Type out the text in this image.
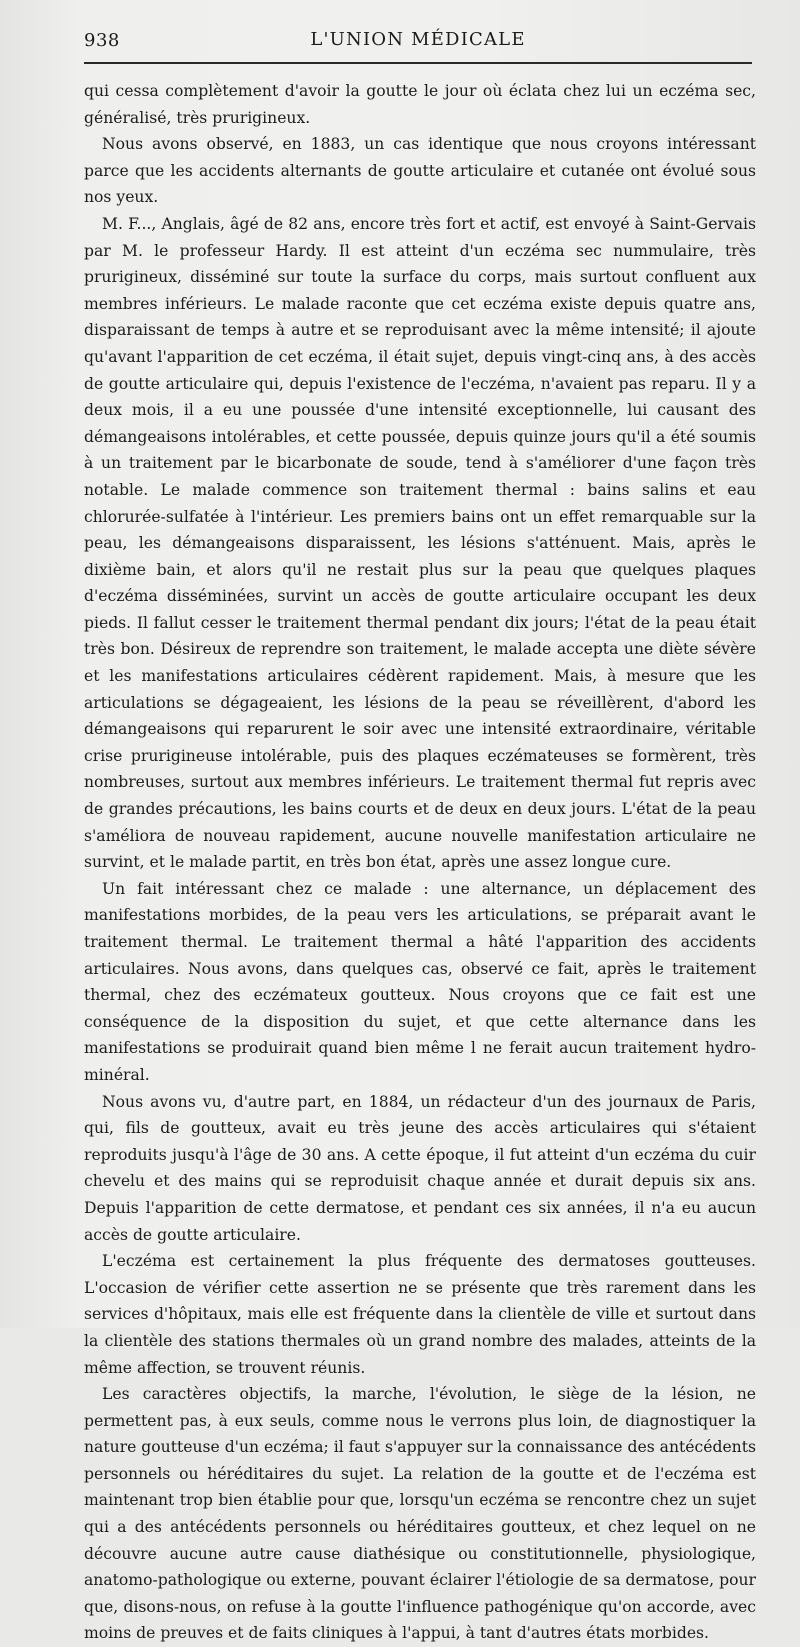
938	L'UNION MÉDICALE

qui cessa complètement d'avoir la goutte le jour où éclata chez lui un eczéma sec, généralisé, très prurigineux.

Nous avons observé, en 1883, un cas identique que nous croyons intéressant parce que les accidents alternants de goutte articulaire et cutanée ont évolué sous nos yeux.

M. F..., Anglais, âgé de 82 ans, encore très fort et actif, est envoyé à Saint-Gervais par M. le professeur Hardy. Il est atteint d'un eczéma sec nummulaire, très prurigineux, disséminé sur toute la surface du corps, mais surtout confluent aux membres inférieurs. Le malade raconte que cet eczéma existe depuis quatre ans, disparaissant de temps à autre et se reproduisant avec la même intensité; il ajoute qu'avant l'apparition de cet eczéma, il était sujet, depuis vingt-cinq ans, à des accès de goutte articulaire qui, depuis l'existence de l'eczéma, n'avaient pas reparu. Il y a deux mois, il a eu une poussée d'une intensité exceptionnelle, lui causant des démangeaisons intolérables, et cette poussée, depuis quinze jours qu'il a été soumis à un traitement par le bicarbonate de soude, tend à s'améliorer d'une façon très notable. Le malade commence son traitement thermal : bains salins et eau chlorurée-sulfatée à l'intérieur. Les premiers bains ont un effet remarquable sur la peau, les démangeaisons disparaissent, les lésions s'atténuent. Mais, après le dixième bain, et alors qu'il ne restait plus sur la peau que quelques plaques d'eczéma disséminées, survint un accès de goutte articulaire occupant les deux pieds. Il fallut cesser le traitement thermal pendant dix jours; l'état de la peau était très bon. Désireux de reprendre son traitement, le malade accepta une diète sévère et les manifestations articulaires cédèrent rapidement. Mais, à mesure que les articulations se dégageaient, les lésions de la peau se réveillèrent, d'abord les démangeaisons qui reparurent le soir avec une intensité extraordinaire, véritable crise prurigineuse intolérable, puis des plaques eczémateuses se formèrent, très nombreuses, surtout aux membres inférieurs. Le traitement thermal fut repris avec de grandes précautions, les bains courts et de deux en deux jours. L'état de la peau s'améliora de nouveau rapidement, aucune nouvelle manifestation articulaire ne survint, et le malade partit, en très bon état, après une assez longue cure.

Un fait intéressant chez ce malade : une alternance, un déplacement des manifestations morbides, de la peau vers les articulations, se préparait avant le traitement thermal. Le traitement thermal a hâté l'apparition des accidents articulaires. Nous avons, dans quelques cas, observé ce fait, après le traitement thermal, chez des eczémateux goutteux. Nous croyons que ce fait est une conséquence de la disposition du sujet, et que cette alternance dans les manifestations se produirait quand bien même l ne ferait aucun traitement hydro-minéral.

Nous avons vu, d'autre part, en 1884, un rédacteur d'un des journaux de Paris, qui, fils de goutteux, avait eu très jeune des accès articulaires qui s'étaient reproduits jusqu'à l'âge de 30 ans. A cette époque, il fut atteint d'un eczéma du cuir chevelu et des mains qui se reproduisit chaque année et durait depuis six ans. Depuis l'apparition de cette dermatose, et pendant ces six années, il n'a eu aucun accès de goutte articulaire.

L'eczéma est certainement la plus fréquente des dermatoses goutteuses. L'occasion de vérifier cette assertion ne se présente que très rarement dans les services d'hôpitaux, mais elle est fréquente dans la clientèle de ville et surtout dans la clientèle des stations thermales où un grand nombre des malades, atteints de la même affection, se trouvent réunis.

Les caractères objectifs, la marche, l'évolution, le siège de la lésion, ne permettent pas, à eux seuls, comme nous le verrons plus loin, de diagnostiquer la nature goutteuse d'un eczéma; il faut s'appuyer sur la connaissance des antécédents personnels ou héréditaires du sujet. La relation de la goutte et de l'eczéma est maintenant trop bien établie pour que, lorsqu'un eczéma se rencontre chez un sujet qui a des antécédents personnels ou héréditaires goutteux, et chez lequel on ne découvre aucune autre cause diathésique ou constitutionnelle, physiologique, anatomo-pathologique ou externe, pouvant éclairer l'étiologie de sa dermatose, pour que, disons-nous, on refuse à la goutte l'influence pathogénique qu'on accorde, avec moins de preuves et de faits cliniques à l'appui, à tant d'autres états morbides.
